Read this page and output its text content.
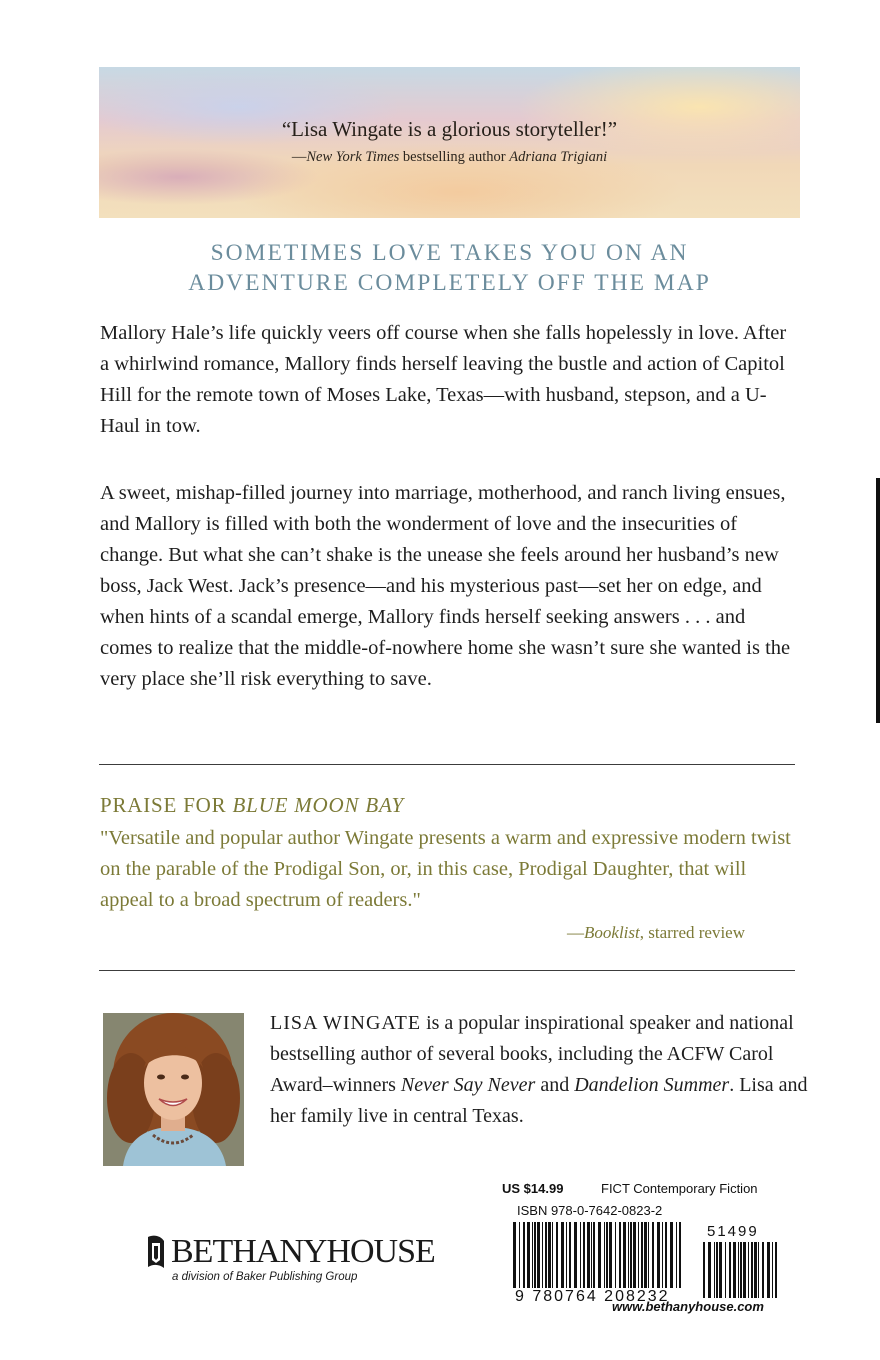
“Lisa Wingate is a glorious storyteller!”
—New York Times bestselling author Adriana Trigiani
SOMETIMES LOVE TAKES YOU ON AN
ADVENTURE COMPLETELY OFF THE MAP

Mallory Hale’s life quickly veers off course when she falls hopelessly in love. After a whirlwind romance, Mallory finds herself leaving the bustle and action of Capitol Hill for the remote town of Moses Lake, Texas—with husband, stepson, and a U-Haul in tow.

A sweet, mishap-filled journey into marriage, motherhood, and ranch living ensues, and Mallory is filled with both the wonderment of love and the insecurities of change. But what she can’t shake is the unease she feels around her husband’s new boss, Jack West. Jack’s presence—and his mysterious past—set her on edge, and when hints of a scandal emerge, Mallory finds herself seeking answers . . . and comes to realize that the middle-of-nowhere home she wasn’t sure she wanted is the very place she’ll risk everything to save.

PRAISE FOR BLUE MOON BAY

"Versatile and popular author Wingate presents a warm and expressive modern twist on the parable of the Prodigal Son, or, in this case, Prodigal Daughter, that will appeal to a broad spectrum of readers."

—Booklist, starred review

LISA WINGATE is a popular inspirational speaker and national bestselling author of several books, including the ACFW Carol Award–winners Never Say Never and Dandelion Summer. Lisa and her family live in central Texas.

BETHANYHOUSE
a division of Baker Publishing Group
US $14.99	FICT Contemporary Fiction
ISBN 978-0-7642-0823-2
9 780764 208232
51499
www.bethanyhouse.com
